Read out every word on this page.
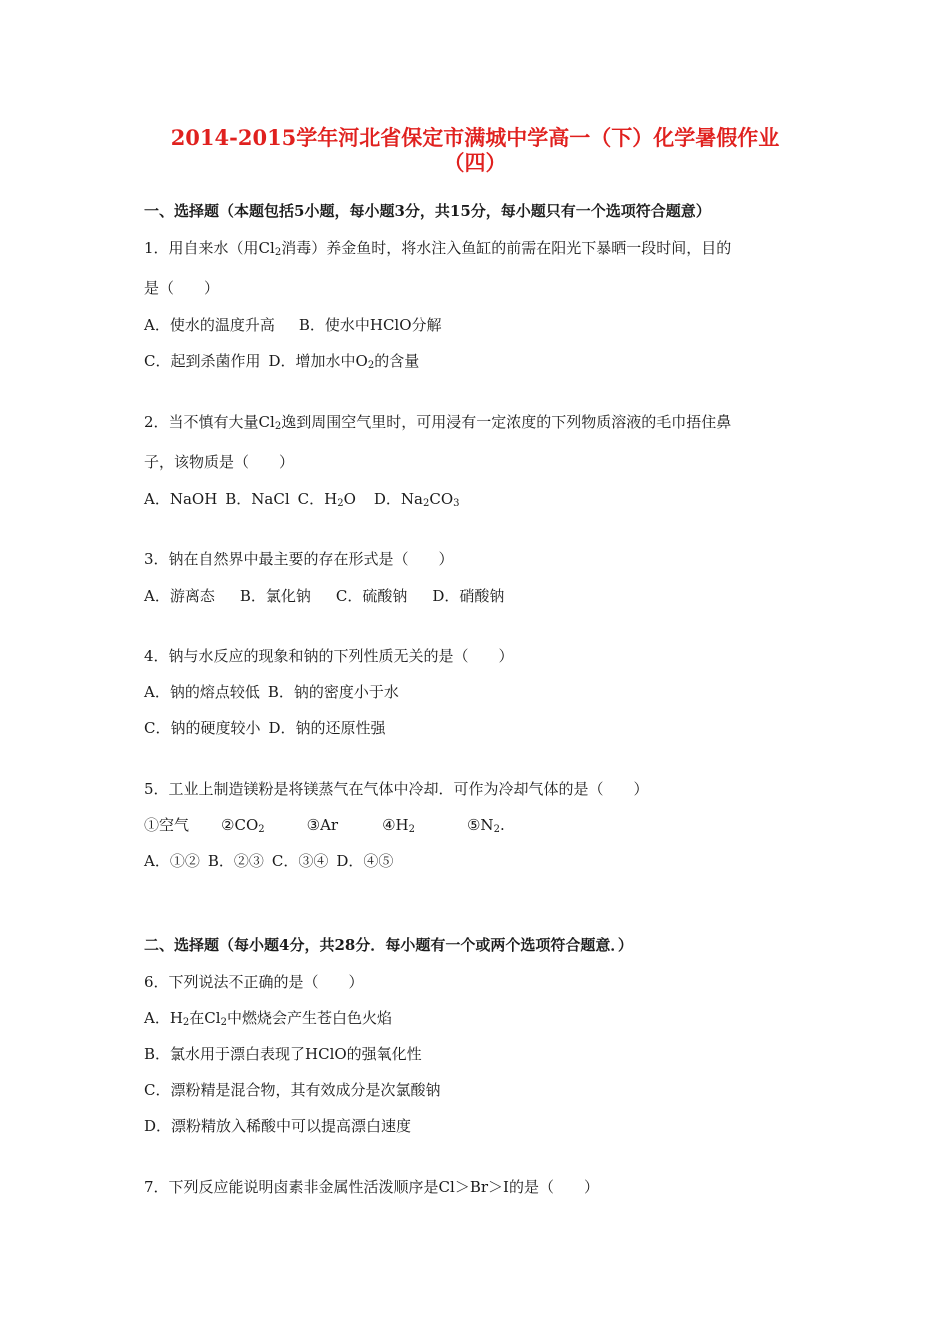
2014-2015学年河北省保定市满城中学高一（下）化学暑假作业
（四）
一、选择题（本题包括5小题，每小题3分，共15分，每小题只有一个选项符合题意）
1．用自来水（用$Cl_2$消毒）养金鱼时，将水注入鱼缸的前需在阳光下暴晒一段时间，目的
是（　　）
A．使水的温度升高 B．使水中HClO分解
C．起到杀菌作用 D．增加水中$O_2$的含量
2．当不慎有大量$Cl_2$逸到周围空气里时，可用浸有一定浓度的下列物质溶液的毛巾捂住鼻
子，该物质是（　　）
A．NaOH B．NaCl C．$H_2O$ D．$Na_2CO_3$
3．钠在自然界中最主要的存在形式是（　　）
A．游离态 B．氯化钠 C．硫酸钠 D．硝酸钠
4．钠与水反应的现象和钠的下列性质无关的是（　　）
A．钠的熔点较低 B．钠的密度小于水
C．钠的硬度较小 D．钠的还原性强
5．工业上制造镁粉是将镁蒸气在气体中冷却．可作为冷却气体的是（　　）
①空气 $②CO_2$	③Ar	$④H_2$	$⑤N_2$.
A．①② B．②③ C．③④ D．④⑤
二、选择题（每小题4分，共28分．每小题有一个或两个选项符合题意．）
6．下列说法不正确的是（　　）
A．$H_2$在$Cl_2$中燃烧会产生苍白色火焰
B．氯水用于漂白表现了HClO的强氧化性
C．漂粉精是混合物，其有效成分是次氯酸钠
D．漂粉精放入稀酸中可以提高漂白速度
7．下列反应能说明卤素非金属性活泼顺序是Cl＞Br＞I的是（　　）
